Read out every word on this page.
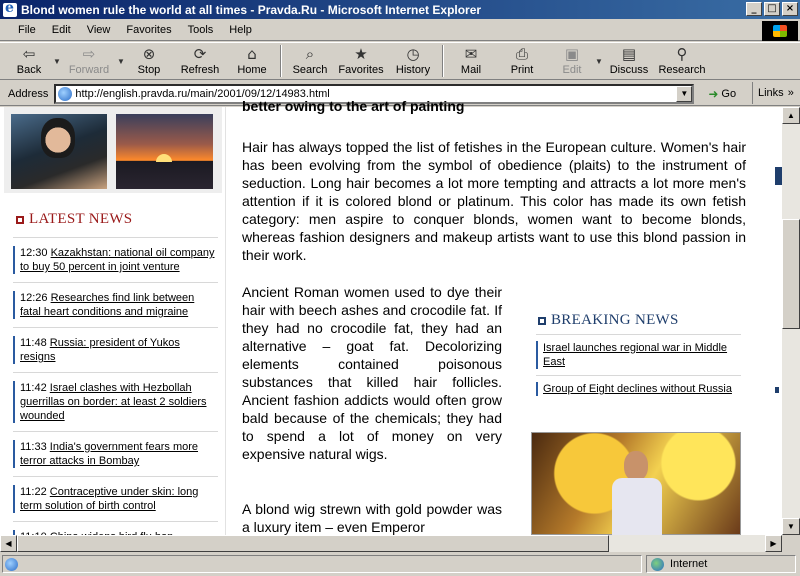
e
Blond women rule the world at all times - Pravda.Ru - Microsoft Internet Explorer	_	□ ×
File	Edit	View	Favorites	Tools	Help
⇦
Back
▼ ⇨
Forward
▼ ⊗
Stop
⟳
Refresh
⌂
Home
⌕
Search
★
Favorites
◷
History
✉
Mail
⎙
Print
▣
Edit
▼ ▤
Discuss
⚲
Research
Address	http://english.pravda.ru/main/2001/09/12/14983.html	▼	➜ Go Links »
LATEST NEWS
12:30 Kazakhstan: national oil company to buy 50 percent in joint venture
12:26 Researches find link between fatal heart conditions and migraine
11:48 Russia: president of Yukos resigns
11:42 Israel clashes with Hezbollah guerrillas on border: at least 2 soldiers wounded
11:33 India's government fears more terror attacks in Bombay
11:22 Contraceptive under skin: long term solution of birth control
better owing to the art of painting
Hair has always topped the list of fetishes in the European culture. Women's hair has been evolving from the symbol of obedience (plaits) to the instrument of seduction. Long hair becomes a lot more tempting and attracts a lot more men's attention if it is colored blond or platinum. This color has made its own fetish category: men aspire to conquer blonds, women want to become blonds, whereas fashion designers and makeup artists want to use this blond passion in their work.
Ancient Roman women used to dye their hair with beech ashes and crocodile fat. If they had no crocodile fat, they had an alternative – goat fat. Decolorizing elements contained poisonous substances that killed hair follicles. Ancient fashion addicts would often grow bald because of the chemicals; they had to spend a lot of money on very expensive natural wigs.
A blond wig strewn with gold powder was a luxury item – even Emperor
BREAKING NEWS
Israel launches regional war in Middle East
Group of Eight declines without Russia
▲
▼
◀	▶
Internet
